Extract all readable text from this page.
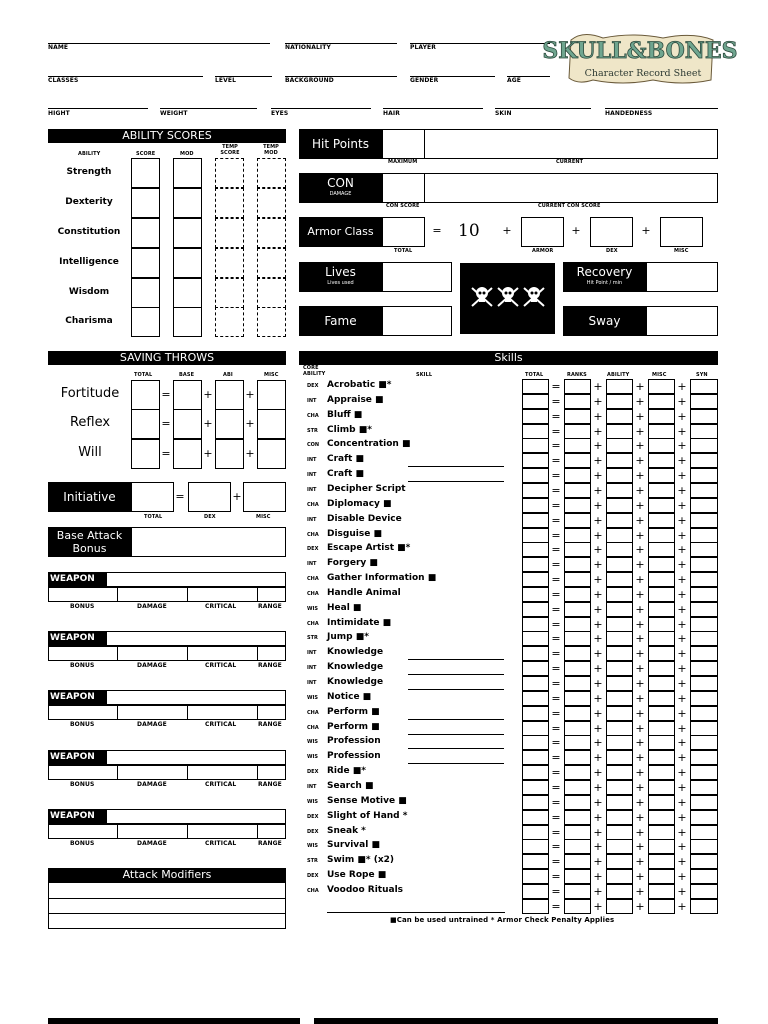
NAME	NATIONALITY	PLAYER
CLASSES	LEVEL	BACKGROUND	GENDER	AGE
HIGHT	WEIGHT	EYES	HAIR	SKIN	HANDEDNESS
SKULL&BONES
Character Record Sheet
ABILITY SCORES
ABILITY	SCORE	MOD
TEMP SCORE
TEMP MOD
Strength
Dexterity
Constitution
Intelligence
Wisdom
Charisma
Hit Points
MAXIMUM	CURRENT
CON
DAMAGE
CON SCORE	CURRENT CON SCORE
Armor Class	= 10 +	+	+
TOTAL	ARMOR	DEX	MISC
Lives
Lives used
Recovery
Hit Point / min
Fame	Sway
SAVING THROWS
TOTAL	BASE	ABI	MISC
Fortitude	=	+	+
Reflex	=	+	+
Will	=	+	+
Initiative	=	+
TOTAL	DEX	MISC
Base Attack
Bonus
WEAPON
BONUS	DAMAGE	CRITICAL	RANGE
WEAPON
BONUS	DAMAGE	CRITICAL	RANGE
WEAPON
BONUS	DAMAGE	CRITICAL	RANGE
WEAPON
BONUS	DAMAGE	CRITICAL	RANGE
WEAPON
BONUS	DAMAGE	CRITICAL	RANGE
Attack Modifiers
Skills
CORE ABILITY	SKILL	TOTAL	RANKS	ABILITY	MISC	SYN
DEX Acrobatic ■*	=	+	+	+
INT Appraise ■	=	+	+	+
CHA Bluff ■	=	+	+	+
STR Climb ■*	=	+	+	+
CON Concentration ■	=	+	+	+
INT Craft ■	=	+	+	+
INT Craft ■	=	+	+	+
INT Decipher Script	=	+	+	+
CHA Diplomacy ■	=	+	+	+
INT Disable Device	=	+	+	+
CHA Disguise ■	=	+	+	+
DEX Escape Artist ■*	=	+	+	+
INT Forgery ■	=	+	+	+
CHA Gather Information ■	=	+	+	+
CHA Handle Animal	=	+	+	+
WIS Heal ■	=	+	+	+
CHA Intimidate ■	=	+	+	+
STR Jump ■*	=	+	+	+
INT Knowledge	=	+	+	+
INT Knowledge	=	+	+	+
INT Knowledge	=	+	+	+
WIS Notice ■	=	+	+	+
CHA Perform ■	=	+	+	+
CHA Perform ■	=	+	+	+
WIS Profession	=	+	+	+
WIS Profession	=	+	+	+
DEX Ride ■*	=	+	+	+
INT Search ■	=	+	+	+
WIS Sense Motive ■	=	+	+	+
DEX Slight of Hand *	=	+	+	+
DEX Sneak *	=	+	+	+
WIS Survival ■	=	+	+	+
STR Swim ■* (x2)	=	+	+	+
DEX Use Rope ■	=	+	+	+
CHA Voodoo Rituals	=	+	+	+
=	+	+	+
■Can be used untrained * Armor Check Penalty Applies
